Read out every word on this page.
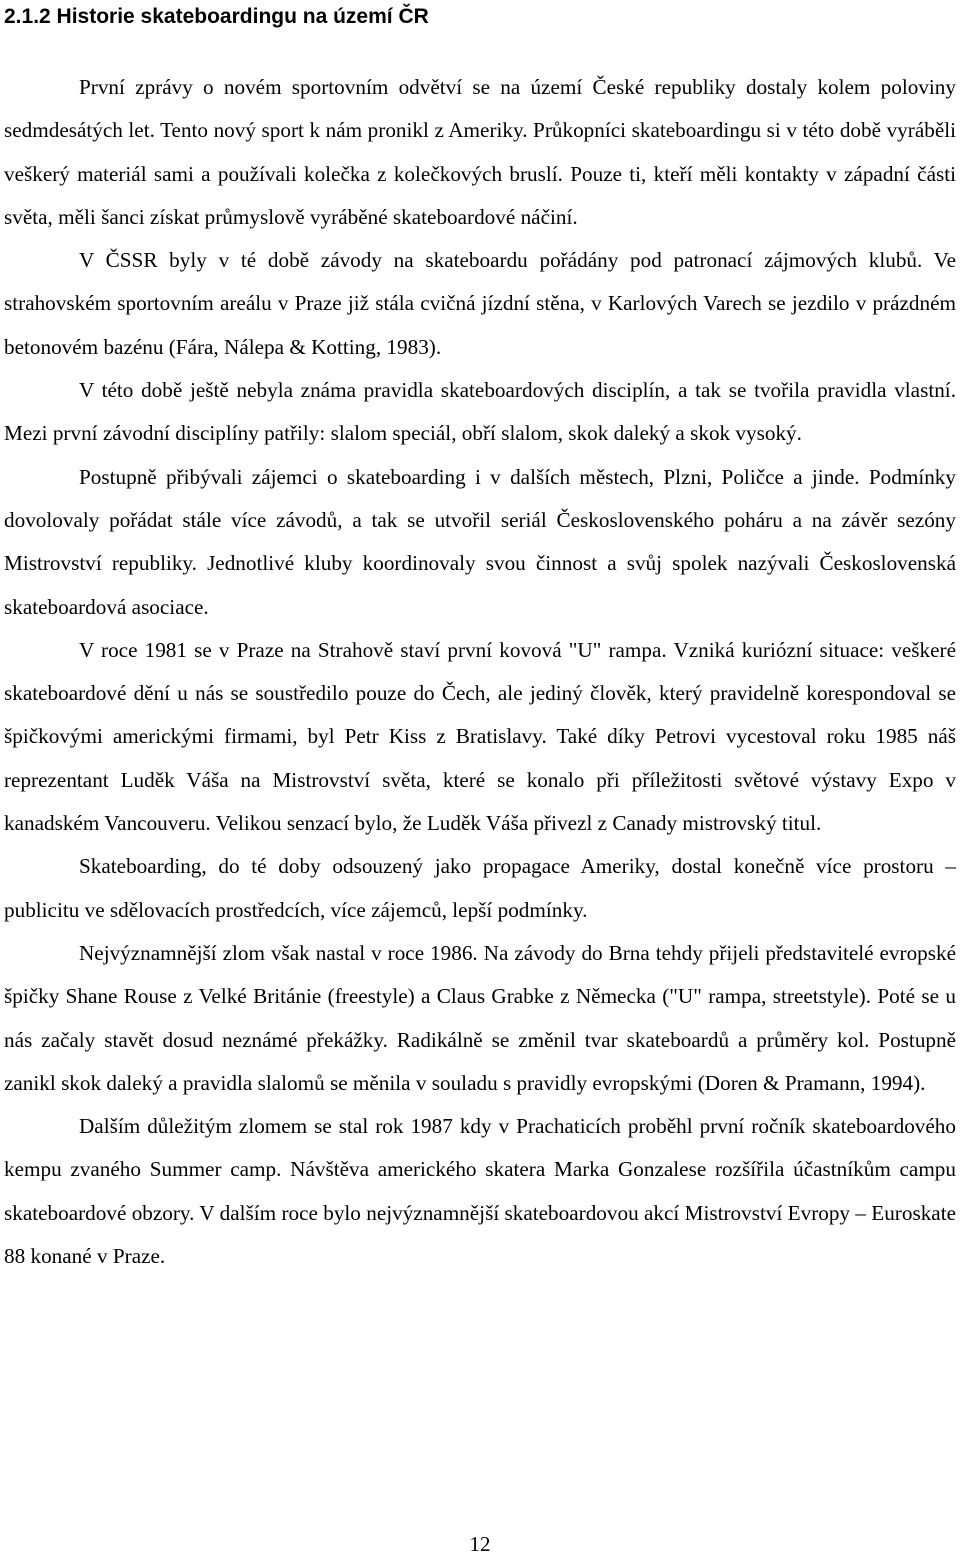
2.1.2 Historie skateboardingu na území ČR

První zprávy o novém sportovním odvětví se na území České republiky dostaly kolem poloviny sedmdesátých let. Tento nový sport k nám pronikl z Ameriky. Průkopníci skateboardingu si v této době vyráběli veškerý materiál sami a používali kolečka z kolečkových bruslí. Pouze ti, kteří měli kontakty v západní části světa, měli šanci získat průmyslově vyráběné skateboardové náčiní.

V ČSSR byly v té době závody na skateboardu pořádány pod patronací zájmových klubů. Ve strahovském sportovním areálu v Praze již stála cvičná jízdní stěna, v Karlových Varech se jezdilo v prázdném betonovém bazénu (Fára, Nálepa & Kotting, 1983).

V této době ještě nebyla známa pravidla skateboardových disciplín, a tak se tvořila pravidla vlastní. Mezi první závodní disciplíny patřily: slalom speciál, obří slalom, skok daleký a skok vysoký.

Postupně přibývali zájemci o skateboarding i v dalších městech, Plzni, Poličce a jinde. Podmínky dovolovaly pořádat stále více závodů, a tak se utvořil seriál Československého poháru a na závěr sezóny Mistrovství republiky. Jednotlivé kluby koordinovaly svou činnost a svůj spolek nazývali Československá skateboardová asociace.

V roce 1981 se v Praze na Strahově staví první kovová "U" rampa. Vzniká kuriózní situace: veškeré skateboardové dění u nás se soustředilo pouze do Čech, ale jediný člověk, který pravidelně korespondoval se špičkovými americkými firmami, byl Petr Kiss z Bratislavy. Také díky Petrovi vycestoval roku 1985 náš reprezentant Luděk Váša na Mistrovství světa, které se konalo při příležitosti světové výstavy Expo v kanadském Vancouveru. Velikou senzací bylo, že Luděk Váša přivezl z Canady mistrovský titul.

Skateboarding, do té doby odsouzený jako propagace Ameriky, dostal konečně více prostoru – publicitu ve sdělovacích prostředcích, více zájemců, lepší podmínky.

Nejvýznamnější zlom však nastal v roce 1986. Na závody do Brna tehdy přijeli představitelé evropské špičky Shane Rouse z Velké Británie (freestyle) a Claus Grabke z Německa ("U" rampa, streetstyle). Poté se u nás začaly stavět dosud neznámé překážky. Radikálně se změnil tvar skateboardů a průměry kol. Postupně zanikl skok daleký a pravidla slalomů se měnila v souladu s pravidly evropskými (Doren & Pramann, 1994).

Dalším důležitým zlomem se stal rok 1987 kdy v Prachaticích proběhl první ročník skateboardového kempu zvaného Summer camp. Návštěva amerického skatera Marka Gonzalese rozšířila účastníkům campu skateboardové obzory. V dalším roce bylo nejvýznamnější skateboardovou akcí Mistrovství Evropy – Euroskate 88 konané v Praze.

12
